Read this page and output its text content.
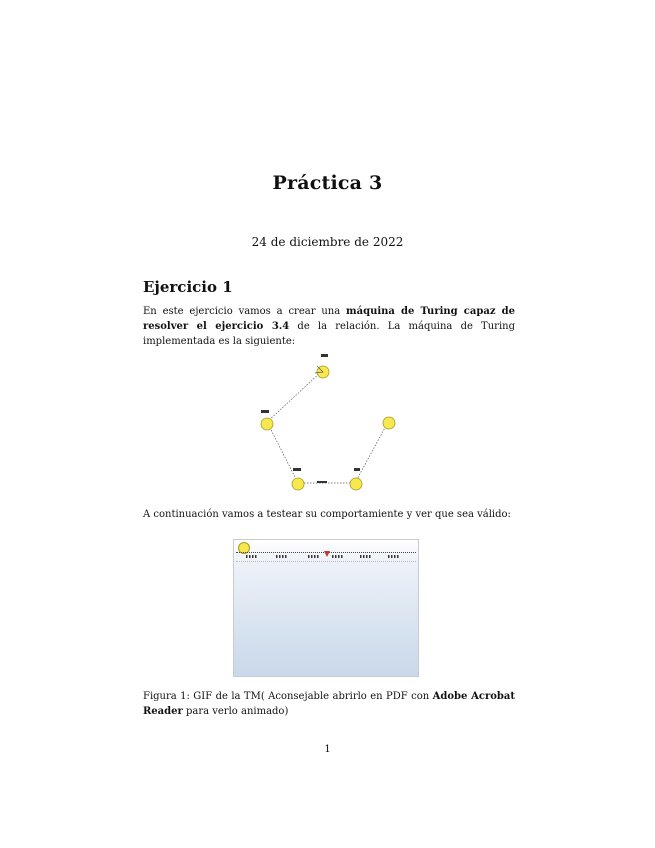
Práctica 3
24 de diciembre de 2022
Ejercicio 1
En este ejercicio vamos a crear una máquina de Turing capaz de resolver el ejercicio 3.4 de la relación. La máquina de Turing implementada es la siguiente:
A continuación vamos a testear su comportamiente y ver que sea válido:
Figura 1: GIF de la TM( Aconsejable abrirlo en PDF con Adobe Acrobat Reader para verlo animado)
1
